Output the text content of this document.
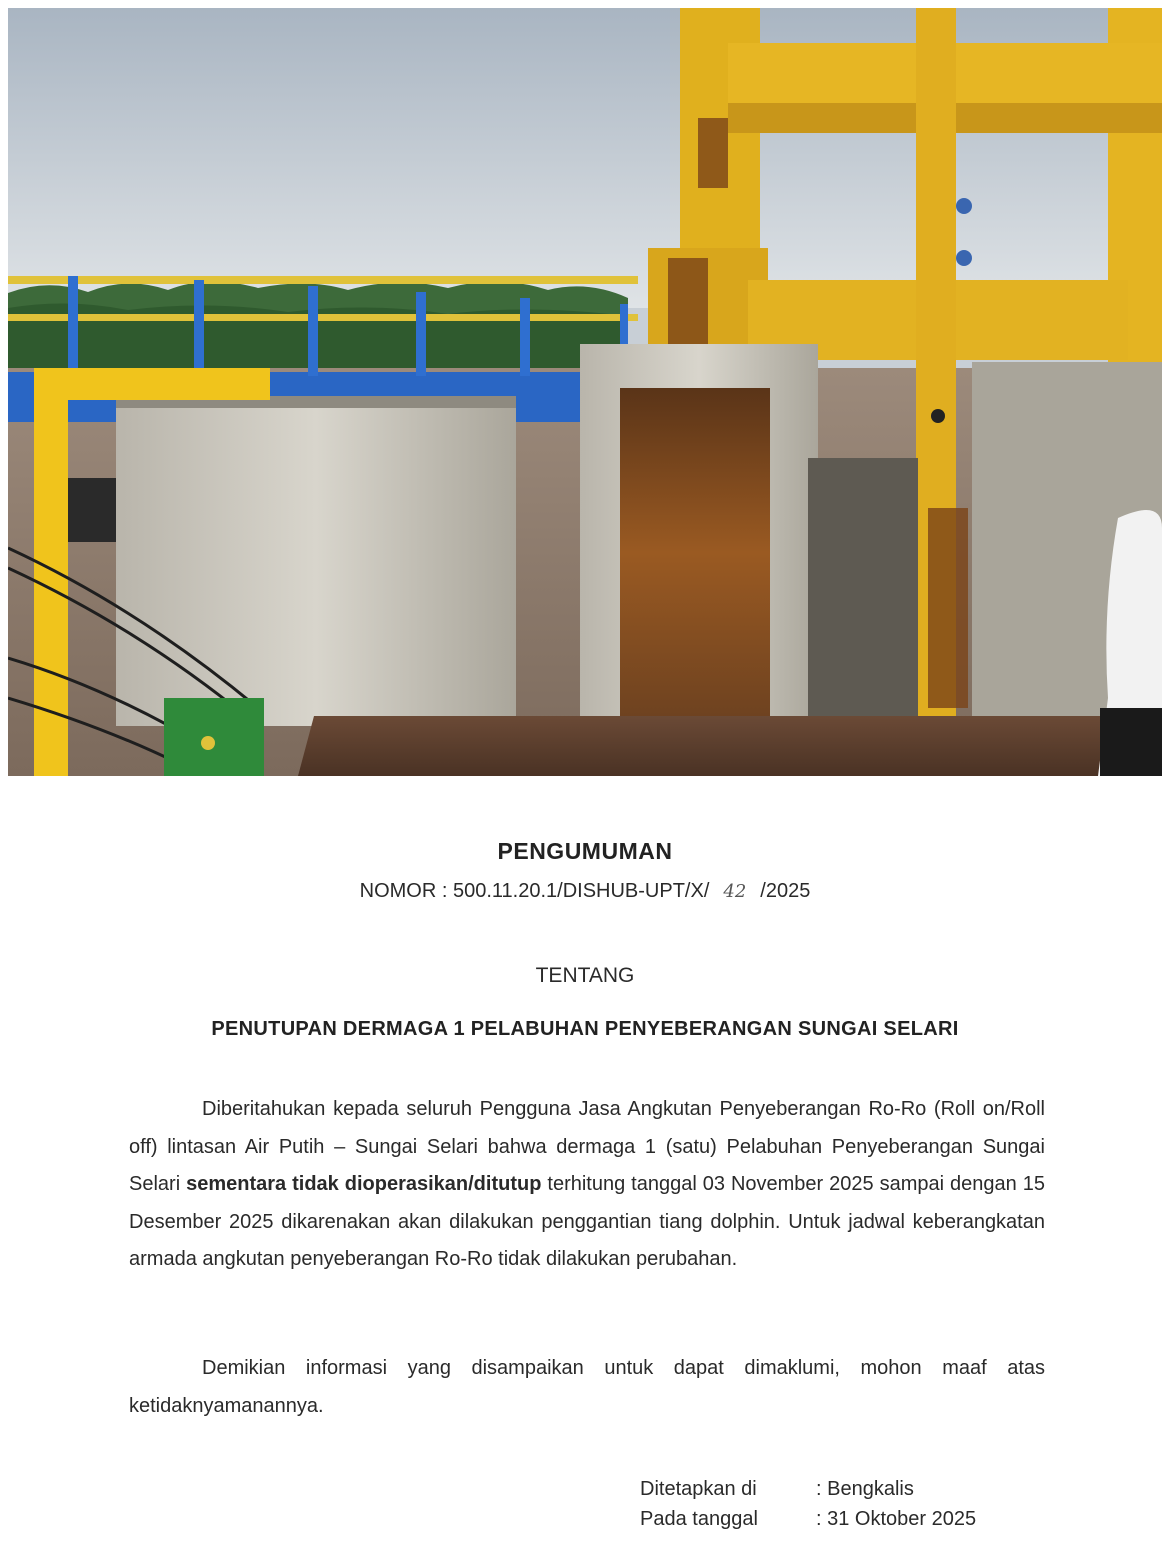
PENGUMUMAN
NOMOR : 500.11.20.1/DISHUB-UPT/X/ 42 /2025
TENTANG
PENUTUPAN DERMAGA 1 PELABUHAN PENYEBERANGAN SUNGAI SELARI
Diberitahukan kepada seluruh Pengguna Jasa Angkutan Penyeberangan Ro-Ro (Roll on/Roll off) lintasan Air Putih – Sungai Selari bahwa dermaga 1 (satu) Pelabuhan Penyeberangan Sungai Selari sementara tidak dioperasikan/ditutup terhitung tanggal 03 November 2025 sampai dengan 15 Desember 2025 dikarenakan akan dilakukan penggantian tiang dolphin. Untuk jadwal keberangkatan armada angkutan penyeberangan Ro-Ro tidak dilakukan perubahan.
Demikian informasi yang disampaikan untuk dapat dimaklumi, mohon maaf atas ketidaknyamanannya.
Ditetapkan di	: Bengkalis
Pada tanggal	: 31 Oktober 2025
